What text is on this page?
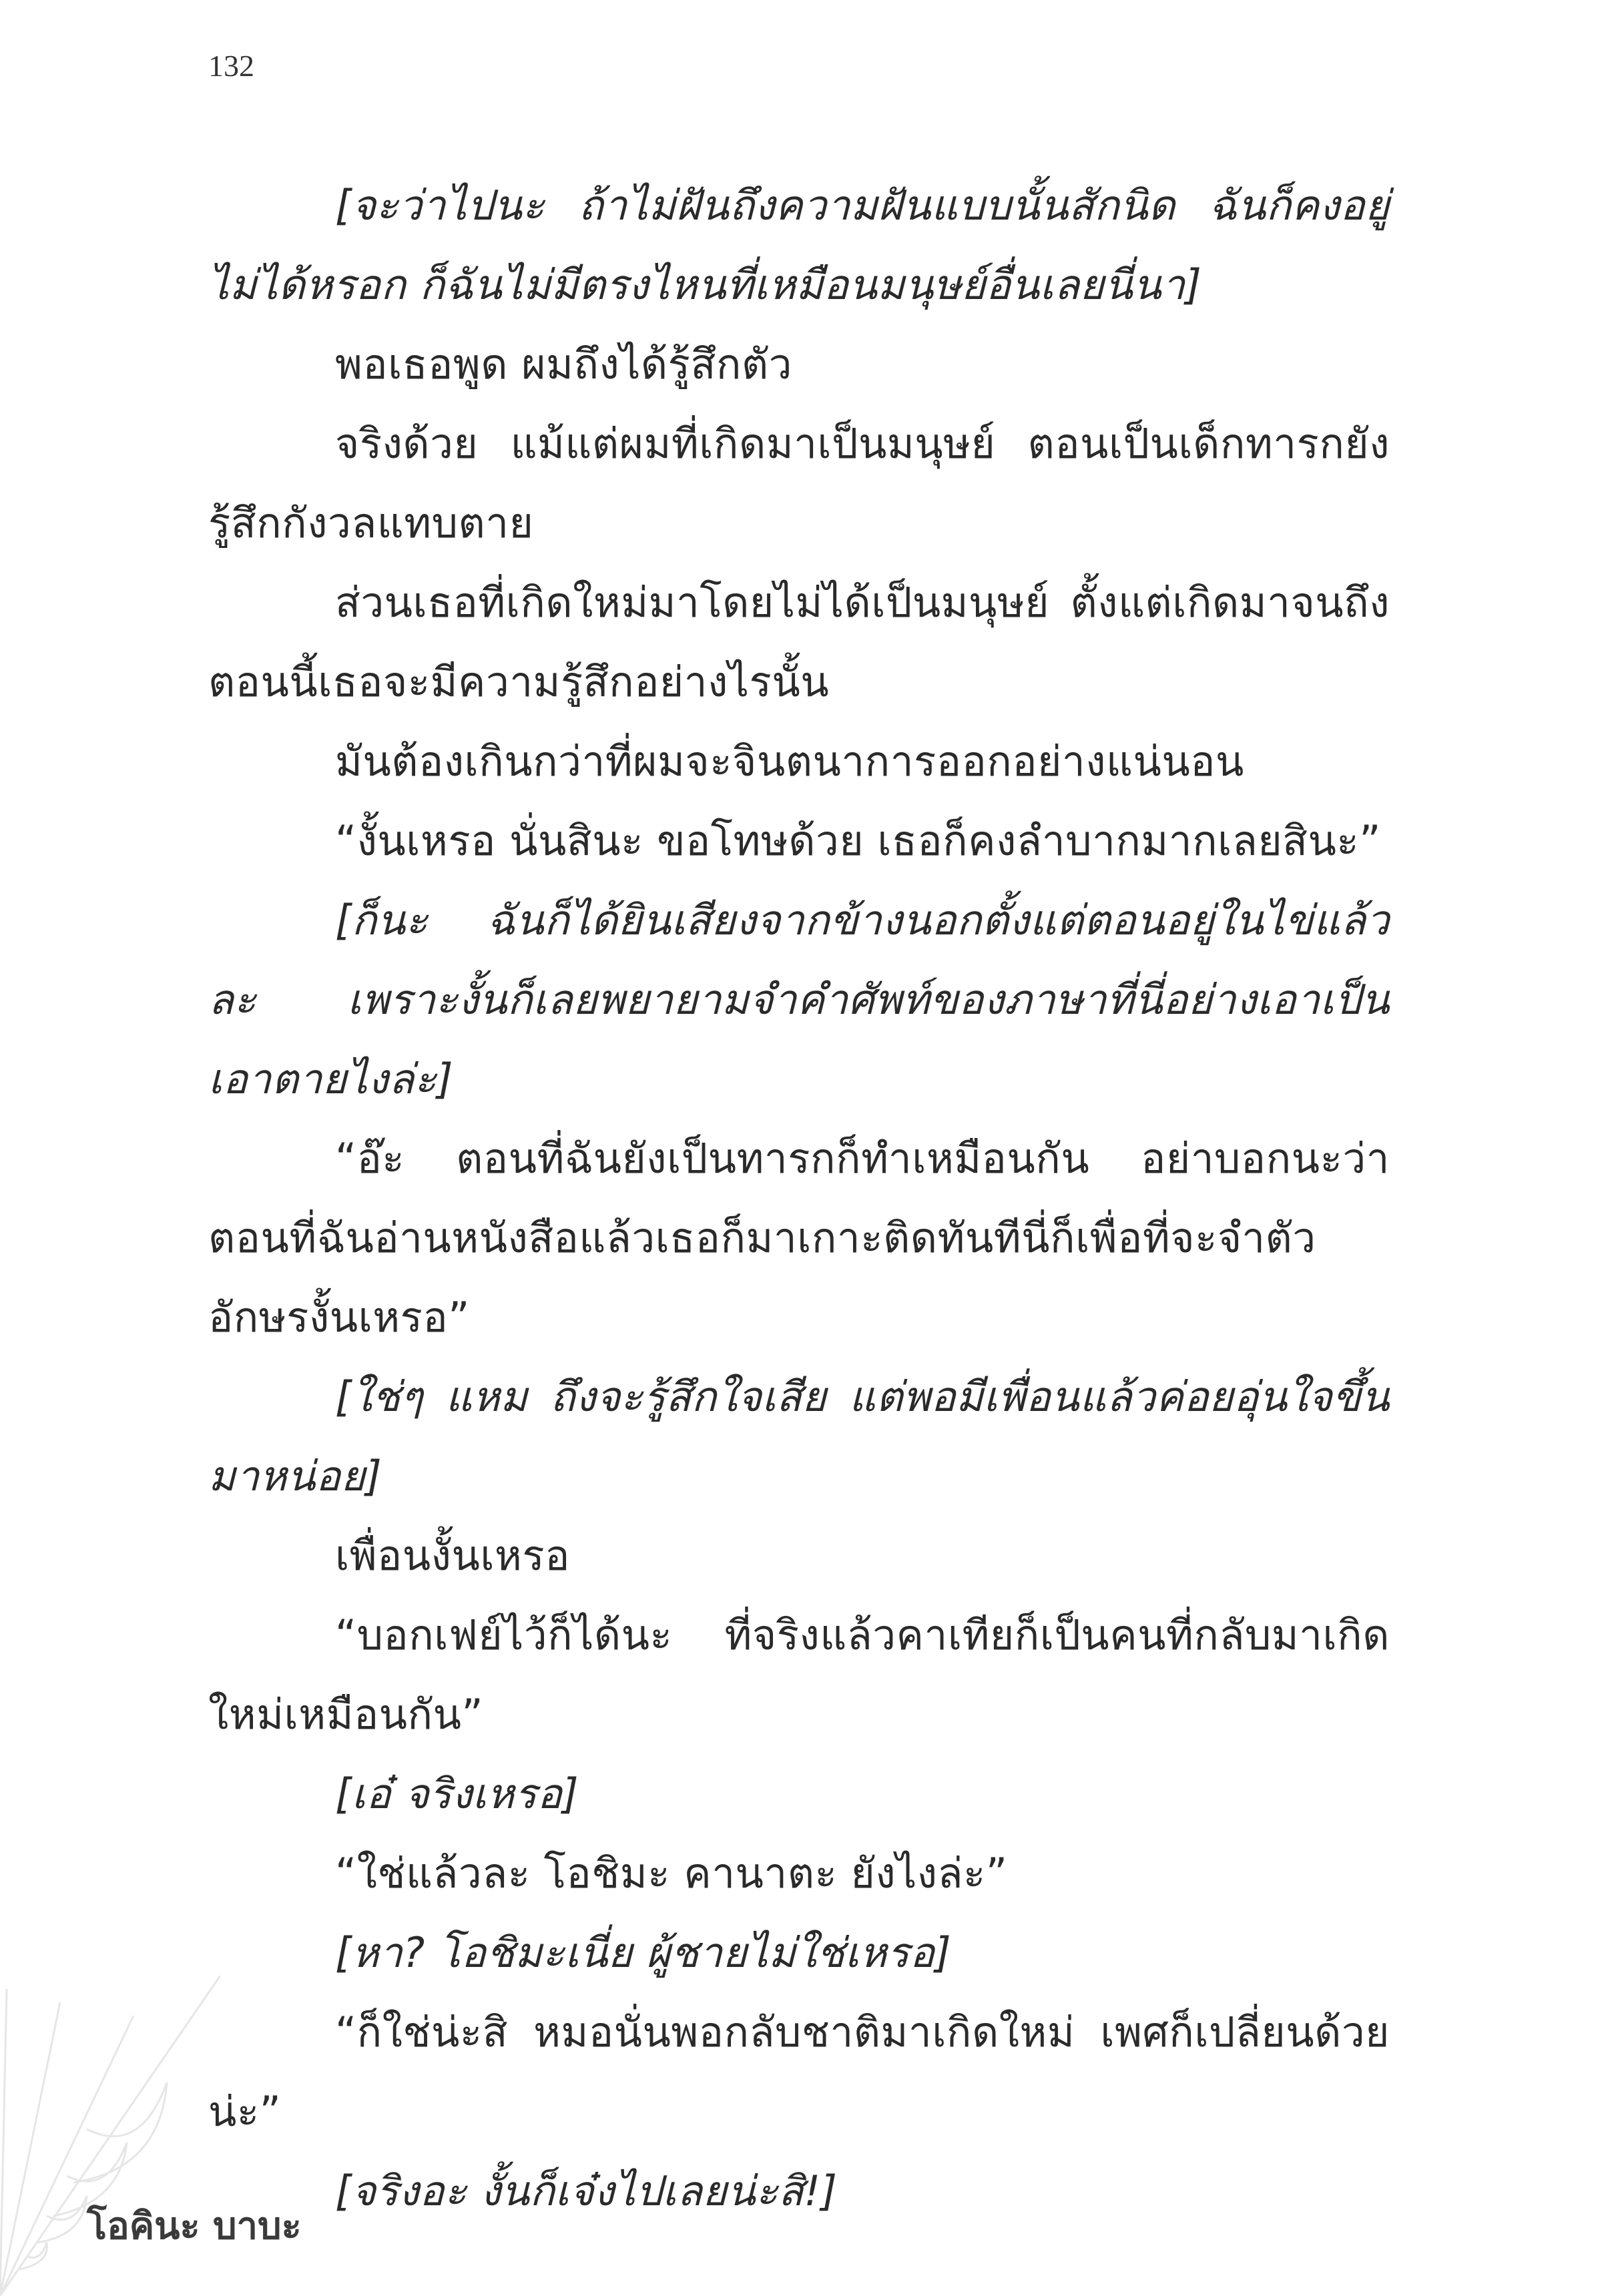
132

[จะว่าไปนะ ถ้าไม่ฝันถึงความฝันแบบนั้นสักนิด ฉันก็คงอยู่ไม่ได้หรอก ก็ฉันไม่มีตรงไหนที่เหมือนมนุษย์อื่นเลยนี่นา]

พอเธอพูด ผมถึงได้รู้สึกตัว

จริงด้วย แม้แต่ผมที่เกิดมาเป็นมนุษย์ ตอนเป็นเด็กทารกยังรู้สึกกังวลแทบตาย

ส่วนเธอที่เกิดใหม่มาโดยไม่ได้เป็นมนุษย์ ตั้งแต่เกิดมาจนถึงตอนนี้เธอจะมีความรู้สึกอย่างไรนั้น

มันต้องเกินกว่าที่ผมจะจินตนาการออกอย่างแน่นอน

“งั้นเหรอ นั่นสินะ ขอโทษด้วย เธอก็คงลำบากมากเลยสินะ”

[ก็นะ ฉันก็ได้ยินเสียงจากข้างนอกตั้งแต่ตอนอยู่ในไข่แล้วละ เพราะงั้นก็เลยพยายามจำคำศัพท์ของภาษาที่นี่อย่างเอาเป็นเอาตายไงล่ะ]

“อ๊ะ ตอนที่ฉันยังเป็นทารกก็ทำเหมือนกัน อย่าบอกนะว่าตอนที่ฉันอ่านหนังสือแล้วเธอก็มาเกาะติดทันทีนี่ก็เพื่อที่จะจำตัวอักษรงั้นเหรอ”

[ใช่ๆ แหม ถึงจะรู้สึกใจเสีย แต่พอมีเพื่อนแล้วค่อยอุ่นใจขึ้นมาหน่อย]

เพื่อนงั้นเหรอ

“บอกเฟย์ไว้ก็ได้นะ ที่จริงแล้วคาเทียก็เป็นคนที่กลับมาเกิดใหม่เหมือนกัน”

[เอ๋ จริงเหรอ]

“ใช่แล้วละ โอชิมะ คานาตะ ยังไงล่ะ”

[หา? โอชิมะเนี่ย ผู้ชายไม่ใช่เหรอ]

“ก็ใช่น่ะสิ หมอนั่นพอกลับชาติมาเกิดใหม่ เพศก็เปลี่ยนด้วยน่ะ”

[จริงอะ งั้นก็เจ๋งไปเลยน่ะสิ!]

โอคินะ บาบะ
